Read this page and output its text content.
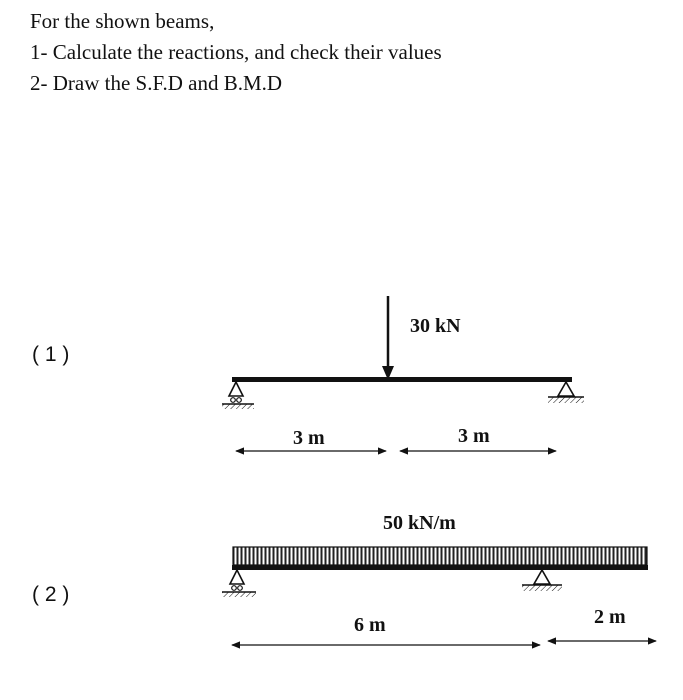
For the shown beams,
1- Calculate the reactions, and check their values
2- Draw the S.F.D and B.M.D
( 1 )
( 2 )
30 kN
3 m	3 m
50 kN/m
6 m	2 m
